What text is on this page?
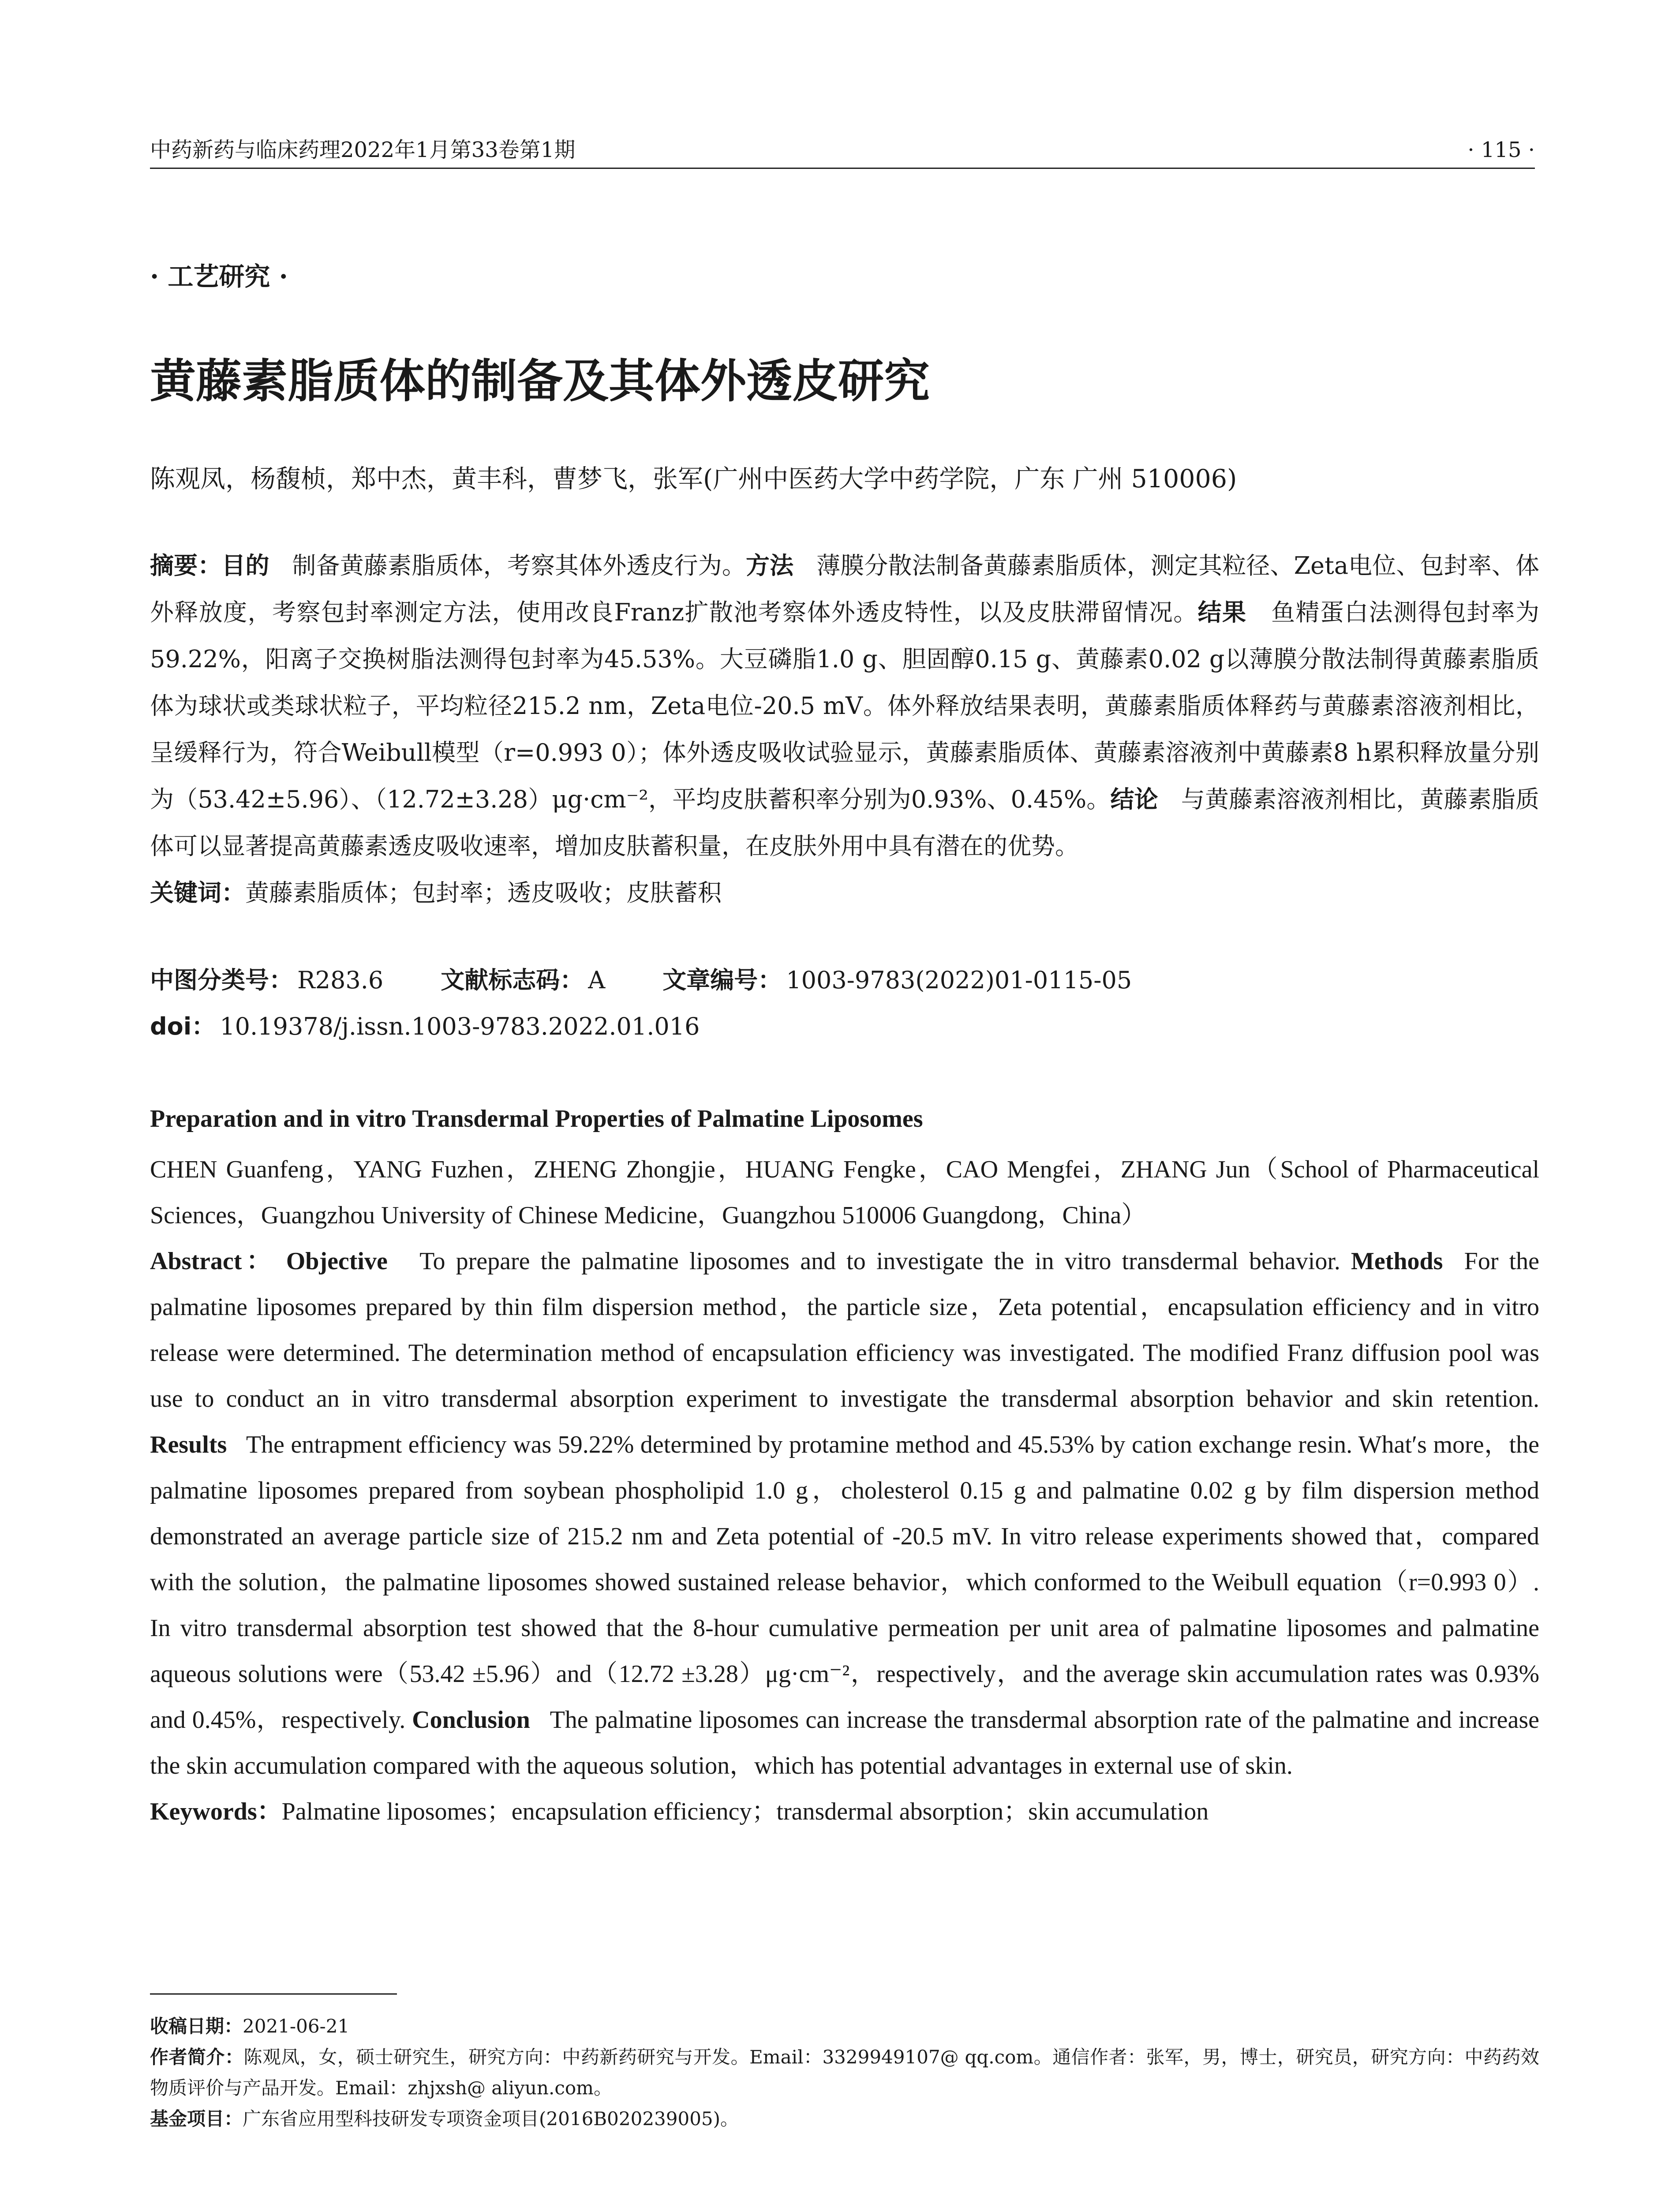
中药新药与临床药理2022年1月第33卷第1期	· 115 ·
· 工艺研究 ·
黄藤素脂质体的制备及其体外透皮研究
陈观凤，杨馥桢，郑中杰，黄丰科，曹梦飞，张军(广州中医药大学中药学院，广东 广州 510006)
摘要：目的 制备黄藤素脂质体，考察其体外透皮行为。方法 薄膜分散法制备黄藤素脂质体，测定其粒径、Zeta电位、包封率、体外释放度，考察包封率测定方法，使用改良Franz扩散池考察体外透皮特性，以及皮肤滞留情况。结果 鱼精蛋白法测得包封率为59.22%，阳离子交换树脂法测得包封率为45.53%。大豆磷脂1.0 g、胆固醇0.15 g、黄藤素0.02 g以薄膜分散法制得黄藤素脂质体为球状或类球状粒子，平均粒径215.2 nm，Zeta电位-20.5 mV。体外释放结果表明，黄藤素脂质体释药与黄藤素溶液剂相比，呈缓释行为，符合Weibull模型（r=0.993 0）；体外透皮吸收试验显示，黄藤素脂质体、黄藤素溶液剂中黄藤素8 h累积释放量分别为（53.42±5.96）、（12.72±3.28）μg·cm⁻²，平均皮肤蓄积率分别为0.93%、0.45%。结论 与黄藤素溶液剂相比，黄藤素脂质体可以显著提高黄藤素透皮吸收速率，增加皮肤蓄积量，在皮肤外用中具有潜在的优势。
关键词：黄藤素脂质体；包封率；透皮吸收；皮肤蓄积
中图分类号： R283.6 文献标志码： A 文章编号： 1003-9783(2022)01-0115-05
doi： 10.19378/j.issn.1003-9783.2022.01.016
Preparation and in vitro Transdermal Properties of Palmatine Liposomes
CHEN Guanfeng，YANG Fuzhen，ZHENG Zhongjie，HUANG Fengke，CAO Mengfei，ZHANG Jun（School of Pharmaceutical Sciences，Guangzhou University of Chinese Medicine，Guangzhou 510006 Guangdong，China）
Abstract： Objective To prepare the palmatine liposomes and to investigate the in vitro transdermal behavior. Methods For the palmatine liposomes prepared by thin film dispersion method，the particle size，Zeta potential，encapsulation efficiency and in vitro release were determined. The determination method of encapsulation efficiency was investigated. The modified Franz diffusion pool was use to conduct an in vitro transdermal absorption experiment to investigate the transdermal absorption behavior and skin retention. Results The entrapment efficiency was 59.22% determined by protamine method and 45.53% by cation exchange resin. What′s more，the palmatine liposomes prepared from soybean phospholipid 1.0 g，cholesterol 0.15 g and palmatine 0.02 g by film dispersion method demonstrated an average particle size of 215.2 nm and Zeta potential of -20.5 mV. In vitro release experiments showed that，compared with the solution，the palmatine liposomes showed sustained release behavior，which conformed to the Weibull equation（r=0.993 0）. In vitro transdermal absorption test showed that the 8-hour cumulative permeation per unit area of palmatine liposomes and palmatine aqueous solutions were（53.42 ±5.96）and（12.72 ±3.28）μg·cm⁻²，respectively，and the average skin accumulation rates was 0.93% and 0.45%，respectively. Conclusion The palmatine liposomes can increase the transdermal absorption rate of the palmatine and increase the skin accumulation compared with the aqueous solution，which has potential advantages in external use of skin.
Keywords：Palmatine liposomes；encapsulation efficiency；transdermal absorption；skin accumulation
收稿日期：2021-06-21
作者简介：陈观凤，女，硕士研究生，研究方向：中药新药研究与开发。Email：3329949107@ qq.com。通信作者：张军，男，博士，研究员，研究方向：中药药效物质评价与产品开发。Email：zhjxsh@ aliyun.com。
基金项目：广东省应用型科技研发专项资金项目(2016B020239005)。
